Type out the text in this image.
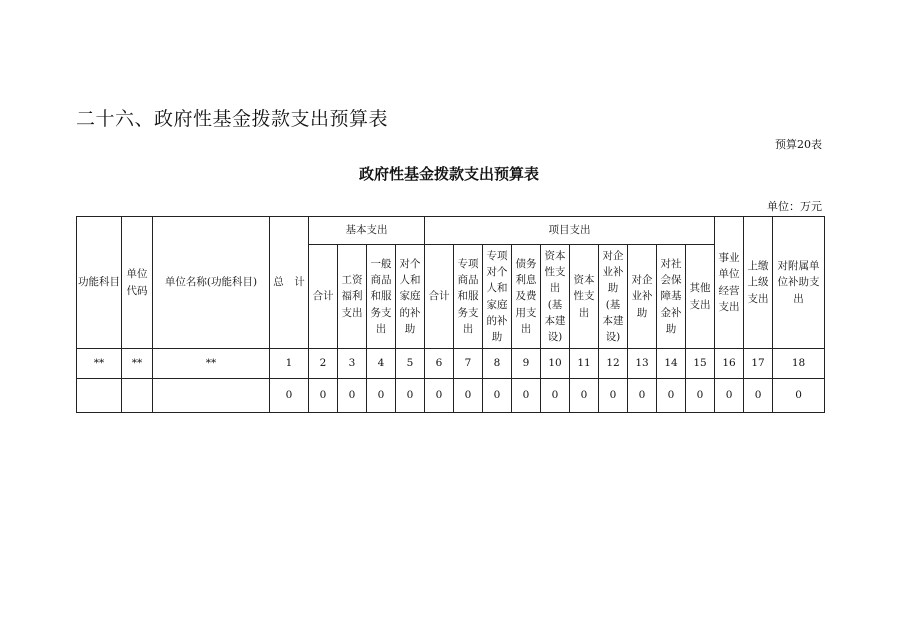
二十六、政府性基金拨款支出预算表
预算20表
政府性基金拨款支出预算表
单位：万元
功能科目	单位代码	单位名称(功能科目)	总　计	基本支出				项目支出										事业单位经营支出	上缴上级支出	对附属单位补助支出
				合计	工资福利支出	一般商品和服务支出	对个人和家庭的补助	合计	专项商品和服务支出	专项对个人和家庭的补助	债务利息及费用支出	资本性支出(基本建设)	资本性支出	对企业补助(基本建设)	对企业补助	对社会保障基金补助	其他支出			
**	**	**	1	2	3	4	5	6	7	8	9	10	11	12	13	14	15	16	17	18
			0	0	0	0	0	0	0	0	0	0	0	0	0	0	0	0	0	0
